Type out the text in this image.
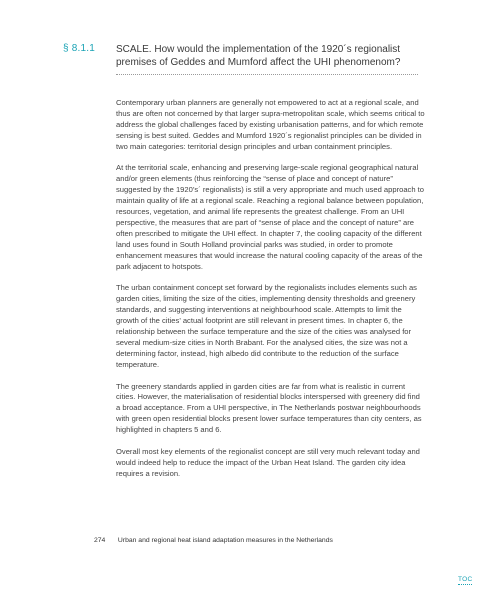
§ 8.1.1 SCALE. How would the implementation of the 1920´s regionalist premises of Geddes and Mumford affect the UHI phenomenom?

Contemporary urban planners are generally not empowered to act at a regional scale, and thus are often not concerned by that larger supra-metropolitan scale, which seems critical to address the global challenges faced by existing urbanisation patterns, and for which remote sensing is best suited. Geddes and Mumford 1920´s regionalist principles can be divided in two main categories: territorial design principles and urban containment principles.

At the territorial scale, enhancing and preserving large-scale regional geographical natural and/or green elements (thus reinforcing the “sense of place and concept of nature” suggested by the 1920’s´ regionalists) is still a very appropriate and much used approach to maintain quality of life at a regional scale. Reaching a regional balance between population, resources, vegetation, and animal life represents the greatest challenge. From an UHI perspective, the measures that are part of “sense of place and the concept of nature” are often prescribed to mitigate the UHI effect. In chapter 7, the cooling capacity of the different land uses found in South Holland provincial parks was studied, in order to promote enhancement measures that would increase the natural cooling capacity of the areas of the park adjacent to hotspots.

The urban containment concept set forward by the regionalists includes elements such as garden cities, limiting the size of the cities, implementing density thresholds and greenery standards, and suggesting interventions at neighbourhood scale. Attempts to limit the growth of the cities’ actual footprint are still relevant in present times. In chapter 6, the relationship between the surface temperature and the size of the cities was analysed for several medium-size cities in North Brabant. For the analysed cities, the size was not a determining factor, instead, high albedo did contribute to the reduction of the surface temperature.

The greenery standards applied in garden cities are far from what is realistic in current cities. However, the materialisation of residential blocks interspersed with greenery did find a broad acceptance. From a UHI perspective, in The Netherlands postwar neighbourhoods with green open residential blocks present lower surface temperatures than city centers, as highlighted in chapters 5 and 6.

Overall most key elements of the regionalist concept are still very much relevant today and would indeed help to reduce the impact of the Urban Heat Island. The garden city idea requires a revision.

274 Urban and regional heat island adaptation measures in the Netherlands
TOC
